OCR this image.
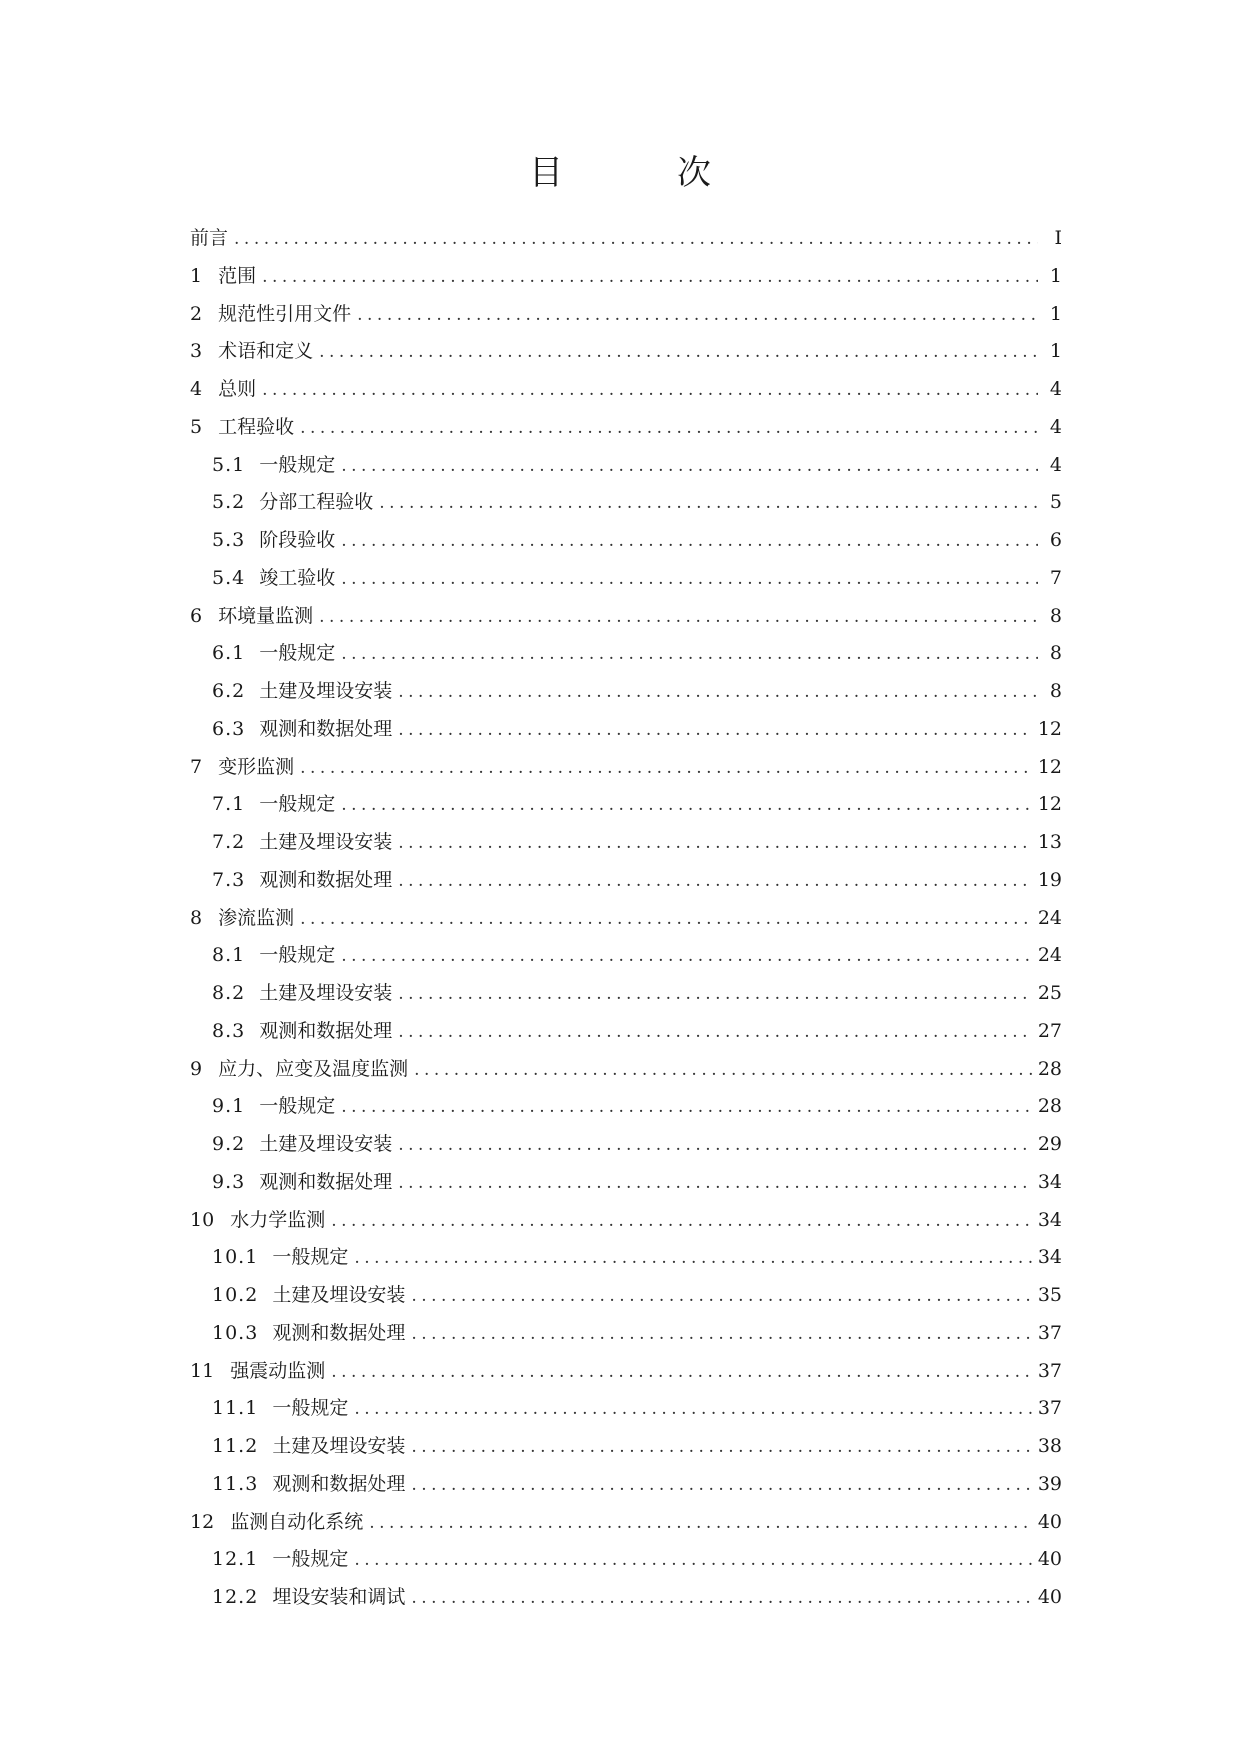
目　次
前言 .....	I
1 范围 .....	1
2 规范性引用文件 .....	1
3 术语和定义 .....	1
4 总则 .....	4
5 工程验收 .....	4
5.1 一般规定 .....	4
5.2 分部工程验收 .....	5
5.3 阶段验收 .....	6
5.4 竣工验收 .....	7
6 环境量监测 .....	8
6.1 一般规定 .....	8
6.2 土建及埋设安装 .....	8
6.3 观测和数据处理 .....	12
7 变形监测 .....	12
7.1 一般规定 .....	12
7.2 土建及埋设安装 .....	13
7.3 观测和数据处理 .....	19
8 渗流监测 .....	24
8.1 一般规定 .....	24
8.2 土建及埋设安装 .....	25
8.3 观测和数据处理 .....	27
9 应力、应变及温度监测 .....	28
9.1 一般规定 .....	28
9.2 土建及埋设安装 .....	29
9.3 观测和数据处理 .....	34
10 水力学监测 .....	34
10.1 一般规定 .....	34
10.2 土建及埋设安装 .....	35
10.3 观测和数据处理 .....	37
11 强震动监测 .....	37
11.1 一般规定 .....	37
11.2 土建及埋设安装 .....	38
11.3 观测和数据处理 .....	39
12 监测自动化系统 .....	40
12.1 一般规定 .....	40
12.2 埋设安装和调试 .....	40
